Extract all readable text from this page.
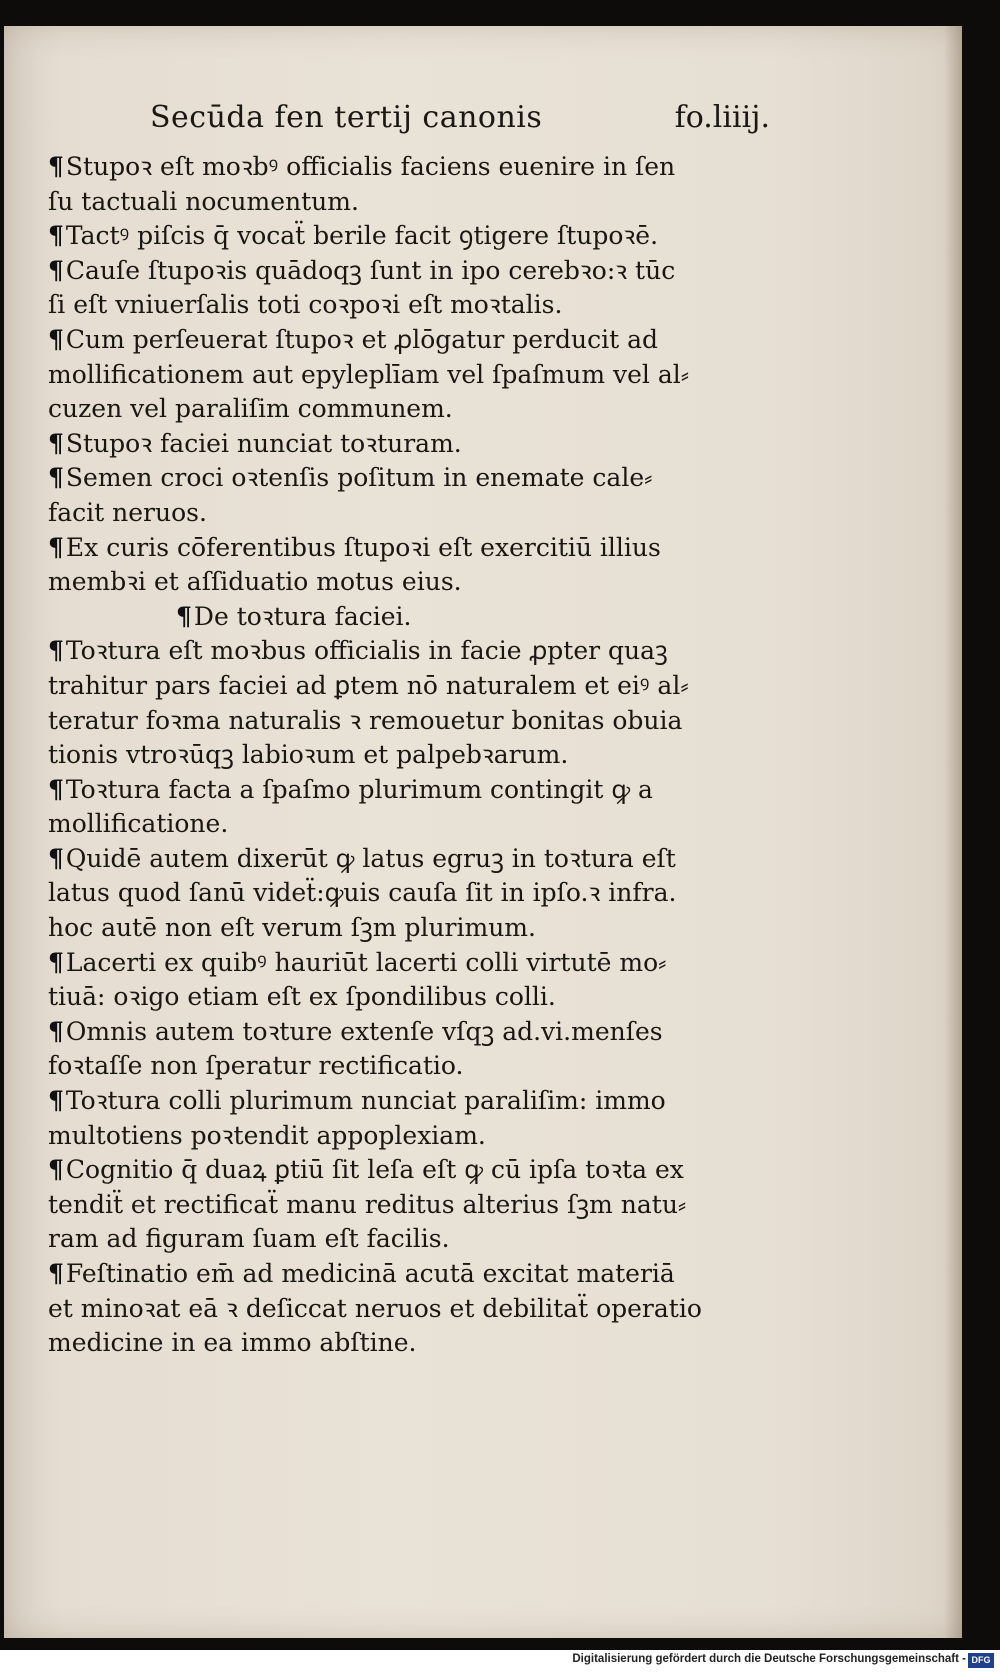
Secūda fen tertij canonis	fo.liiij.
¶Stupoꝛ eſt moꝛbꝰ officialis faciens euenire in ſen
ſu tactuali nocumentum.
¶Tactꝰ piſcis q̄ vocaẗ berile facit ꝯtigere ſtupoꝛē.
¶Cauſe ſtupoꝛis quādoqꝫ ſunt in ipo cerebꝛo:ꝛ tūc
ſi eſt vniuerſalis toti coꝛpoꝛi eſt moꝛtalis.
¶Cum perſeuerat ſtupoꝛ et ꝓlōgatur perducit ad
mollificationem aut epyleplīam vel ſpaſmum vel al⸗
cuzen vel paraliſim communem.
¶Stupoꝛ faciei nunciat toꝛturam.
¶Semen croci oꝛtenſis poſitum in enemate cale⸗
facit neruos.
¶Ex curis cōferentibus ſtupoꝛi eſt exercitiū illius
membꝛi et aſſiduatio motus eius.
¶De toꝛtura faciei.
¶Toꝛtura eſt moꝛbus officialis in facie ꝓpter quaꝫ
trahitur pars faciei ad ꝑtem nō naturalem et eiꝰ al⸗
teratur foꝛma naturalis ꝛ remouetur bonitas obuia
tionis vtroꝛūqꝫ labioꝛum et palpebꝛarum.
¶Toꝛtura facta a ſpaſmo plurimum contingit ꝙ a
mollificatione.
¶Quidē autem dixerūt ꝙ latus egruꝫ in toꝛtura eſt
latus quod ſanū videẗ:ꝙuis cauſa ſit in ipſo.ꝛ infra.
hoc autē non eſt verum ſꝫm plurimum.
¶Lacerti ex quibꝰ hauriūt lacerti colli virtutē mo⸗
tiuā: oꝛigo etiam eſt ex ſpondilibus colli.
¶Omnis autem toꝛture extenſe vſqꝫ ad.vi.menſes
foꝛtaſſe non ſperatur rectificatio.
¶Toꝛtura colli plurimum nunciat paraliſim: immo
multotiens poꝛtendit appoplexiam.
¶Cognitio q̄ duaꝝ ꝑtiū ſit leſa eſt ꝙ cū ipſa toꝛta ex
tendiẗ et rectificaẗ manu reditus alterius ſꝫm natu⸗
ram ad figuram ſuam eſt facilis.
¶Feſtinatio em̄ ad medicinā acutā excitat materiā
et minoꝛat eā ꝛ deſiccat neruos et debilitaẗ operatio
medicine in ea immo abſtine.
Digitalisierung gefördert durch die Deutsche Forschungsgemeinschaft - DFG
